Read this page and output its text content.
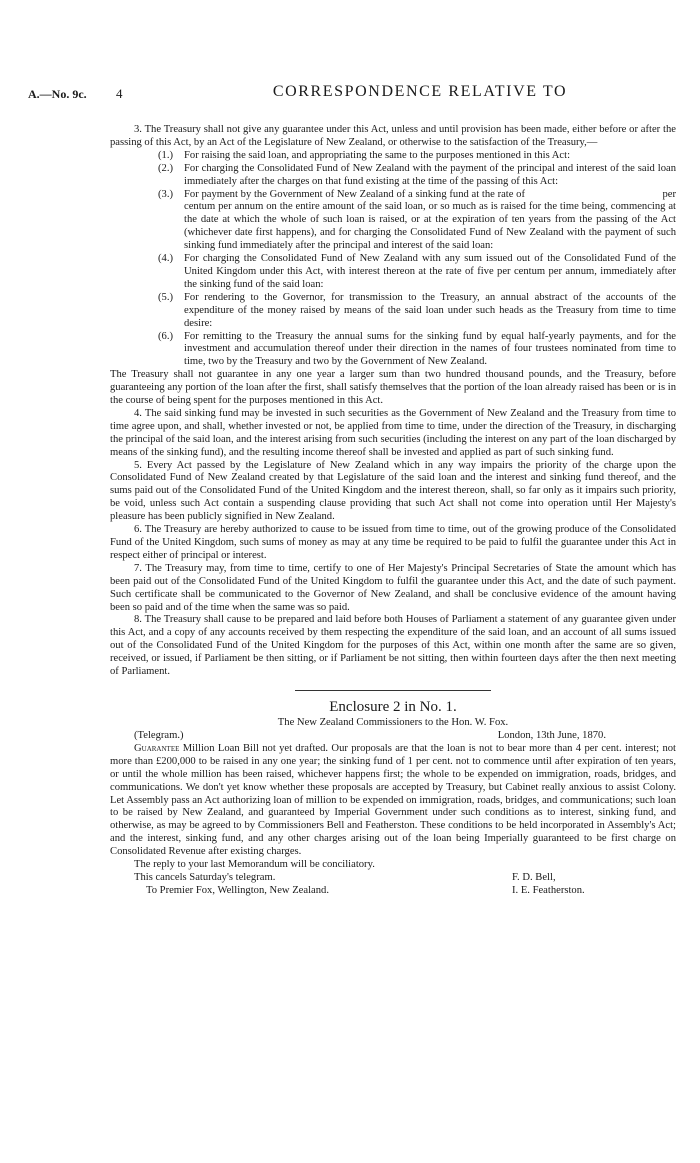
A.—No. 9c. 4	CORRESPONDENCE RELATIVE TO

3. The Treasury shall not give any guarantee under this Act, unless and until provision has been made, either before or after the passing of this Act, by an Act of the Legislature of New Zealand, or otherwise to the satisfaction of the Treasury,—

(1.) For raising the said loan, and appropriating the same to the purposes mentioned in this Act:
(2.) For charging the Consolidated Fund of New Zealand with the payment of the principal and interest of the said loan immediately after the charges on that fund existing at the time of the passing of this Act:
(3.) For payment by the Government of New Zealand of a sinking fund at the rate of	per centum per annum on the entire amount of the said loan, or so much as is raised for the time being, commencing at the date at which the whole of such loan is raised, or at the expiration of ten years from the passing of the Act (whichever date first happens), and for charging the Consolidated Fund of New Zealand with the payment of such sinking fund immediately after the principal and interest of the said loan:
(4.) For charging the Consolidated Fund of New Zealand with any sum issued out of the Consolidated Fund of the United Kingdom under this Act, with interest thereon at the rate of five per centum per annum, immediately after the sinking fund of the said loan:
(5.) For rendering to the Governor, for transmission to the Treasury, an annual abstract of the accounts of the expenditure of the money raised by means of the said loan under such heads as the Treasury from time to time desire:
(6.) For remitting to the Treasury the annual sums for the sinking fund by equal half-yearly payments, and for the investment and accumulation thereof under their direction in the names of four trustees nominated from time to time, two by the Treasury and two by the Government of New Zealand.

The Treasury shall not guarantee in any one year a larger sum than two hundred thousand pounds, and the Treasury, before guaranteeing any portion of the loan after the first, shall satisfy themselves that the portion of the loan already raised has been or is in the course of being spent for the purposes mentioned in this Act.

4. The said sinking fund may be invested in such securities as the Government of New Zealand and the Treasury from time to time agree upon, and shall, whether invested or not, be applied from time to time, under the direction of the Treasury, in discharging the principal of the said loan, and the interest arising from such securities (including the interest on any part of the loan discharged by means of the sinking fund), and the resulting income thereof shall be invested and applied as part of such sinking fund.

5. Every Act passed by the Legislature of New Zealand which in any way impairs the priority of the charge upon the Consolidated Fund of New Zealand created by that Legislature of the said loan and the interest and sinking fund thereof, and the sums paid out of the Consolidated Fund of the United Kingdom and the interest thereon, shall, so far only as it impairs such priority, be void, unless such Act contain a suspending clause providing that such Act shall not come into operation until Her Majesty's pleasure has been publicly signified in New Zealand.

6. The Treasury are hereby authorized to cause to be issued from time to time, out of the growing produce of the Consolidated Fund of the United Kingdom, such sums of money as may at any time be required to be paid to fulfil the guarantee under this Act in respect either of principal or interest.

7. The Treasury may, from time to time, certify to one of Her Majesty's Principal Secretaries of State the amount which has been paid out of the Consolidated Fund of the United Kingdom to fulfil the guarantee under this Act, and the date of such payment. Such certificate shall be communicated to the Governor of New Zealand, and shall be conclusive evidence of the amount having been so paid and of the time when the same was so paid.

8. The Treasury shall cause to be prepared and laid before both Houses of Parliament a statement of any guarantee given under this Act, and a copy of any accounts received by them respecting the expenditure of the said loan, and an account of all sums issued out of the Consolidated Fund of the United Kingdom for the purposes of this Act, within one month after the same are so given, received, or issued, if Parliament be then sitting, or if Parliament be not sitting, then within fourteen days after the then next meeting of Parliament.

Enclosure 2 in No. 1.
The New Zealand Commissioners to the Hon. W. Fox.
(Telegram.)	London, 13th June, 1870.

Guarantee Million Loan Bill not yet drafted. Our proposals are that the loan is not to bear more than 4 per cent. interest; not more than £200,000 to be raised in any one year; the sinking fund of 1 per cent. not to commence until after expiration of ten years, or until the whole million has been raised, whichever happens first; the whole to be expended on immigration, roads, bridges, and communications. We don't yet know whether these proposals are accepted by Treasury, but Cabinet really anxious to assist Colony. Let Assembly pass an Act authorizing loan of million to be expended on immigration, roads, bridges, and communications; such loan to be raised by New Zealand, and guaranteed by Imperial Government under such conditions as to interest, sinking fund, and otherwise, as may be agreed to by Commissioners Bell and Featherston. These conditions to be held incorporated in Assembly's Act; and the interest, sinking fund, and any other charges arising out of the loan being Imperially guaranteed to be first charge on Consolidated Revenue after existing charges.

The reply to your last Memorandum will be conciliatory.

This cancels Saturday's telegram.	F. D. Bell,
To Premier Fox, Wellington, New Zealand.	I. E. Featherston.
